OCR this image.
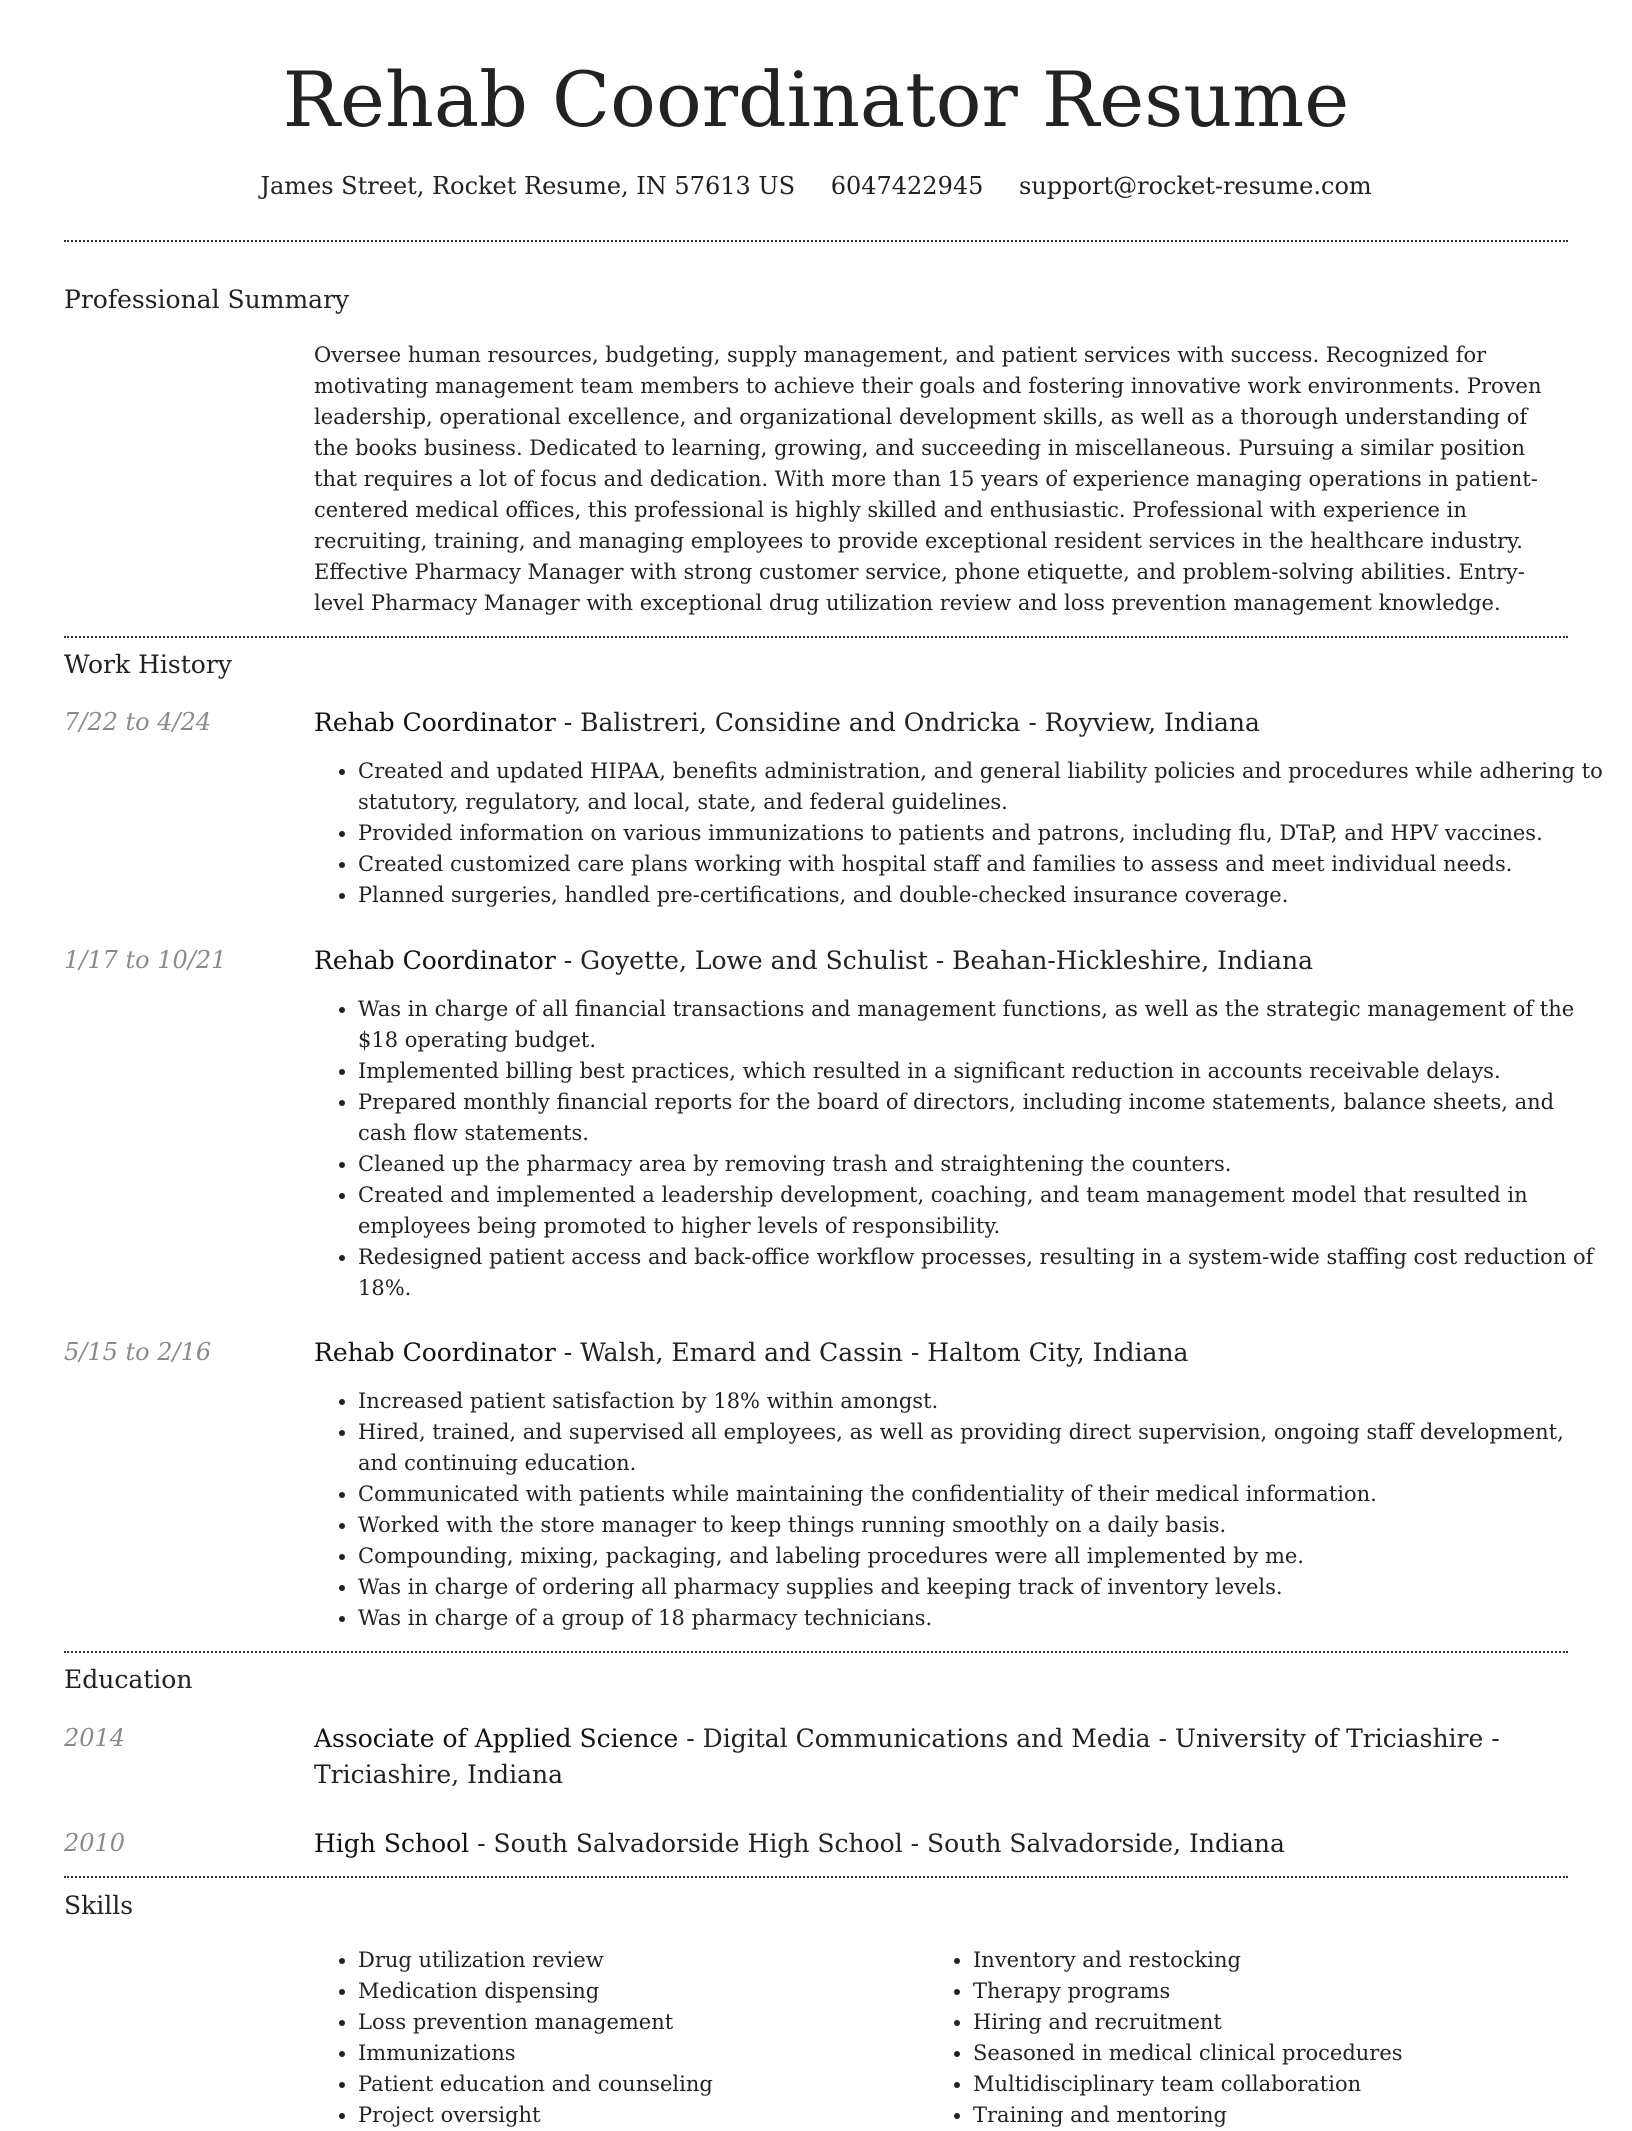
Rehab Coordinator Resume
James Street, Rocket Resume, IN 57613 US 6047422945 support@rocket-resume.com
Professional Summary

Oversee human resources, budgeting, supply management, and patient services with success. Recognized for motivating management team members to achieve their goals and fostering innovative work environments. Proven leadership, operational excellence, and organizational development skills, as well as a thorough understanding of the books business. Dedicated to learning, growing, and succeeding in miscellaneous. Pursuing a similar position that requires a lot of focus and dedication. With more than 15 years of experience managing operations in patient-centered medical offices, this professional is highly skilled and enthusiastic. Professional with experience in recruiting, training, and managing employees to provide exceptional resident services in the healthcare industry. Effective Pharmacy Manager with strong customer service, phone etiquette, and problem-solving abilities. Entry-level Pharmacy Manager with exceptional drug utilization review and loss prevention management knowledge.

Work History
7/22 to 4/24	Rehab Coordinator - Balistreri, Considine and Ondricka - Royview, Indiana
• Created and updated HIPAA, benefits administration, and general liability policies and procedures while adhering to statutory, regulatory, and local, state, and federal guidelines.
• Provided information on various immunizations to patients and patrons, including flu, DTaP, and HPV vaccines.
• Created customized care plans working with hospital staff and families to assess and meet individual needs.
• Planned surgeries, handled pre-certifications, and double-checked insurance coverage.
1/17 to 10/21	Rehab Coordinator - Goyette, Lowe and Schulist - Beahan-Hickleshire, Indiana
• Was in charge of all financial transactions and management functions, as well as the strategic management of the $18 operating budget.
• Implemented billing best practices, which resulted in a significant reduction in accounts receivable delays.
• Prepared monthly financial reports for the board of directors, including income statements, balance sheets, and cash flow statements.
• Cleaned up the pharmacy area by removing trash and straightening the counters.
• Created and implemented a leadership development, coaching, and team management model that resulted in employees being promoted to higher levels of responsibility.
• Redesigned patient access and back-office workflow processes, resulting in a system-wide staffing cost reduction of 18%.
5/15 to 2/16	Rehab Coordinator - Walsh, Emard and Cassin - Haltom City, Indiana
• Increased patient satisfaction by 18% within amongst.
• Hired, trained, and supervised all employees, as well as providing direct supervision, ongoing staff development, and continuing education.
• Communicated with patients while maintaining the confidentiality of their medical information.
• Worked with the store manager to keep things running smoothly on a daily basis.
• Compounding, mixing, packaging, and labeling procedures were all implemented by me.
• Was in charge of ordering all pharmacy supplies and keeping track of inventory levels.
• Was in charge of a group of 18 pharmacy technicians.
Education
2014	Associate of Applied Science - Digital Communications and Media - University of Triciashire - Triciashire, Indiana
2010	High School - South Salvadorside High School - South Salvadorside, Indiana
Skills
• Drug utilization review
• Medication dispensing
• Loss prevention management
• Immunizations
• Patient education and counseling
• Project oversight
• Inventory and restocking
• Therapy programs
• Hiring and recruitment
• Seasoned in medical clinical procedures
• Multidisciplinary team collaboration
• Training and mentoring
